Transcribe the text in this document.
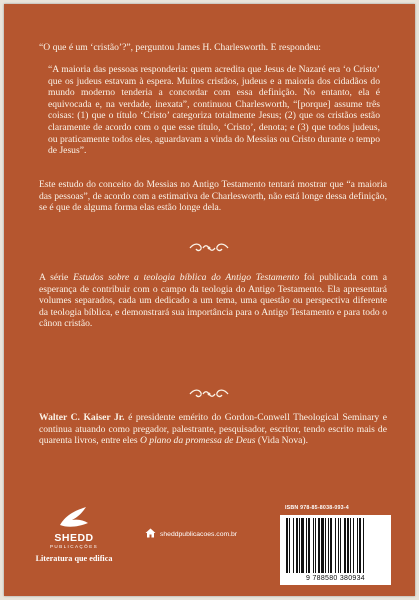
“O que é um ‘cristão’?”, perguntou James H. Charlesworth. E respondeu:

“A maioria das pessoas responderia: quem acredita que Jesus de Nazaré era ‘o Cristo’ que os judeus estavam à espera. Muitos cristãos, judeus e a maioria dos cidadãos do mundo moderno tenderia a concordar com essa definição. No entanto, ela é equivocada e, na verdade, inexata”, continuou Charlesworth, “[porque] assume três coisas: (1) que o título ‘Cristo’ categoriza totalmente Jesus; (2) que os cristãos estão claramente de acordo com o que esse título, ‘Cristo’, denota; e (3) que todos judeus, ou praticamente todos eles, aguardavam a vinda do Messias ou Cristo durante o tempo de Jesus”.

Este estudo do conceito do Messias no Antigo Testamento tentará mostrar que “a maioria das pessoas”, de acordo com a estimativa de Charlesworth, não está longe dessa definição, se é que de alguma forma elas estão longe dela.

A série Estudos sobre a teologia bíblica do Antigo Testamento foi publicada com a esperança de contribuir com o campo da teologia do Antigo Testamento. Ela apresentará volumes separados, cada um dedicado a um tema, uma questão ou perspectiva diferente da teologia bíblica, e demonstrará sua importância para o Antigo Testamento e para todo o cânon cristão.

Walter C. Kaiser Jr. é presidente emérito do Gordon-Conwell Theological Seminary e continua atuando como pregador, palestrante, pesquisador, escritor, tendo escrito mais de quarenta livros, entre eles O plano da promessa de Deus (Vida Nova).

SHEDD
PUBLICAÇÕES
Literatura que edifica
sheddpublicacoes.com.br
ISBN 978-85-8038-093-4
9 788580 380934
